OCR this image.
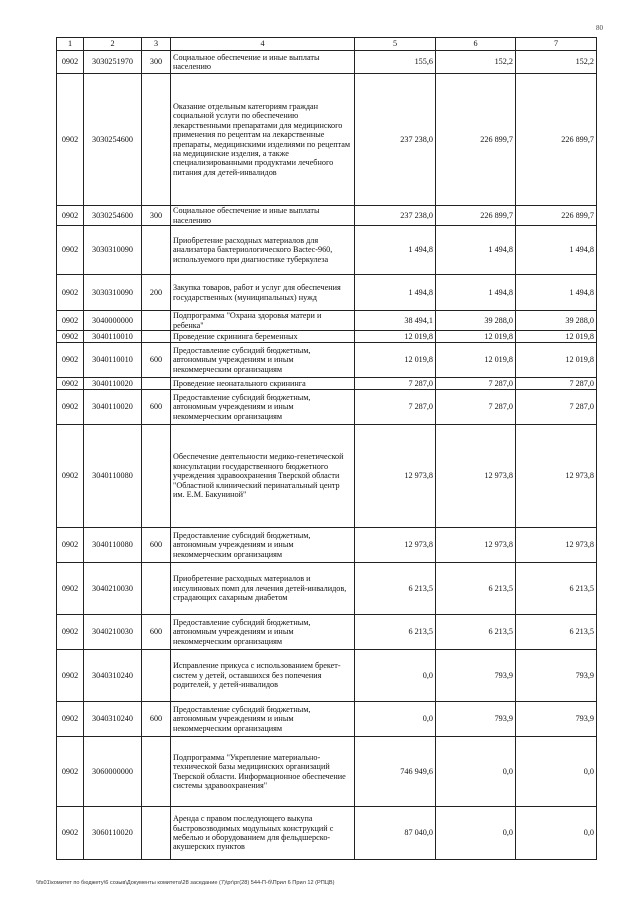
80
1	2	3	4	5	6	7
0902	3030251970	300	Социальное обеспечение и иные выплаты населению	155,6	152,2	152,2
0902	3030254600		Оказание отдельным категориям граждан социальной услуги по обеспечению лекарственными препаратами для медицинского применения по рецептам на лекарственные препараты, медицинскими изделиями по рецептам на медицинские изделия, а также специализированными продуктами лечебного питания для детей-инвалидов	237 238,0	226 899,7	226 899,7
0902	3030254600	300	Социальное обеспечение и иные выплаты населению	237 238,0	226 899,7	226 899,7
0902	3030310090		Приобретение расходных материалов для анализатора бактериологического Bactec-960, используемого при диагностике туберкулеза	1 494,8	1 494,8	1 494,8
0902	3030310090	200	Закупка товаров, работ и услуг для обеспечения государственных (муниципальных) нужд	1 494,8	1 494,8	1 494,8
0902	3040000000		Подпрограмма "Охрана здоровья матери и ребенка"	38 494,1	39 288,0	39 288,0
0902	3040110010		Проведение скрининга беременных	12 019,8	12 019,8	12 019,8
0902	3040110010	600	Предоставление субсидий бюджетным, автономным учреждениям и иным некоммерческим организациям	12 019,8	12 019,8	12 019,8
0902	3040110020		Проведение неонатального скрининга	7 287,0	7 287,0	7 287,0
0902	3040110020	600	Предоставление субсидий бюджетным, автономным учреждениям и иным некоммерческим организациям	7 287,0	7 287,0	7 287,0
0902	3040110080		Обеспечение деятельности медико-генетической консультации государственного бюджетного учреждения здравоохранения Тверской области "Областной клинический перинатальный центр им. Е.М. Бакуниной"	12 973,8	12 973,8	12 973,8
0902	3040110080	600	Предоставление субсидий бюджетным, автономным учреждениям и иным некоммерческим организациям	12 973,8	12 973,8	12 973,8
0902	3040210030		Приобретение расходных материалов и инсулиновых помп для лечения детей-инвалидов, страдающих сахарным диабетом	6 213,5	6 213,5	6 213,5
0902	3040210030	600	Предоставление субсидий бюджетным, автономным учреждениям и иным некоммерческим организациям	6 213,5	6 213,5	6 213,5
0902	3040310240		Исправление прикуса с использованием брекет-систем у детей, оставшихся без попечения родителей, у детей-инвалидов	0,0	793,9	793,9
0902	3040310240	600	Предоставление субсидий бюджетным, автономным учреждениям и иным некоммерческим организациям	0,0	793,9	793,9
0902	3060000000		Подпрограмма "Укрепление материально-технической базы медицинских организаций Тверской области. Информационное обеспечение системы здравоохранения"	746 949,6	0,0	0,0
0902	3060110020		Аренда с правом последующего выкупа быстровозводимых модульных конструкций с мебелью и оборудованием для фельдшерско-акушерских пунктов	87 040,0	0,0	0,0
\\fs01\комитет по бюджету\6 созыв\Документы комитета\28 заседание (7)\рг\рг(28) 544-П-б\Прил 6 Прил 12 (РПЦВ)
